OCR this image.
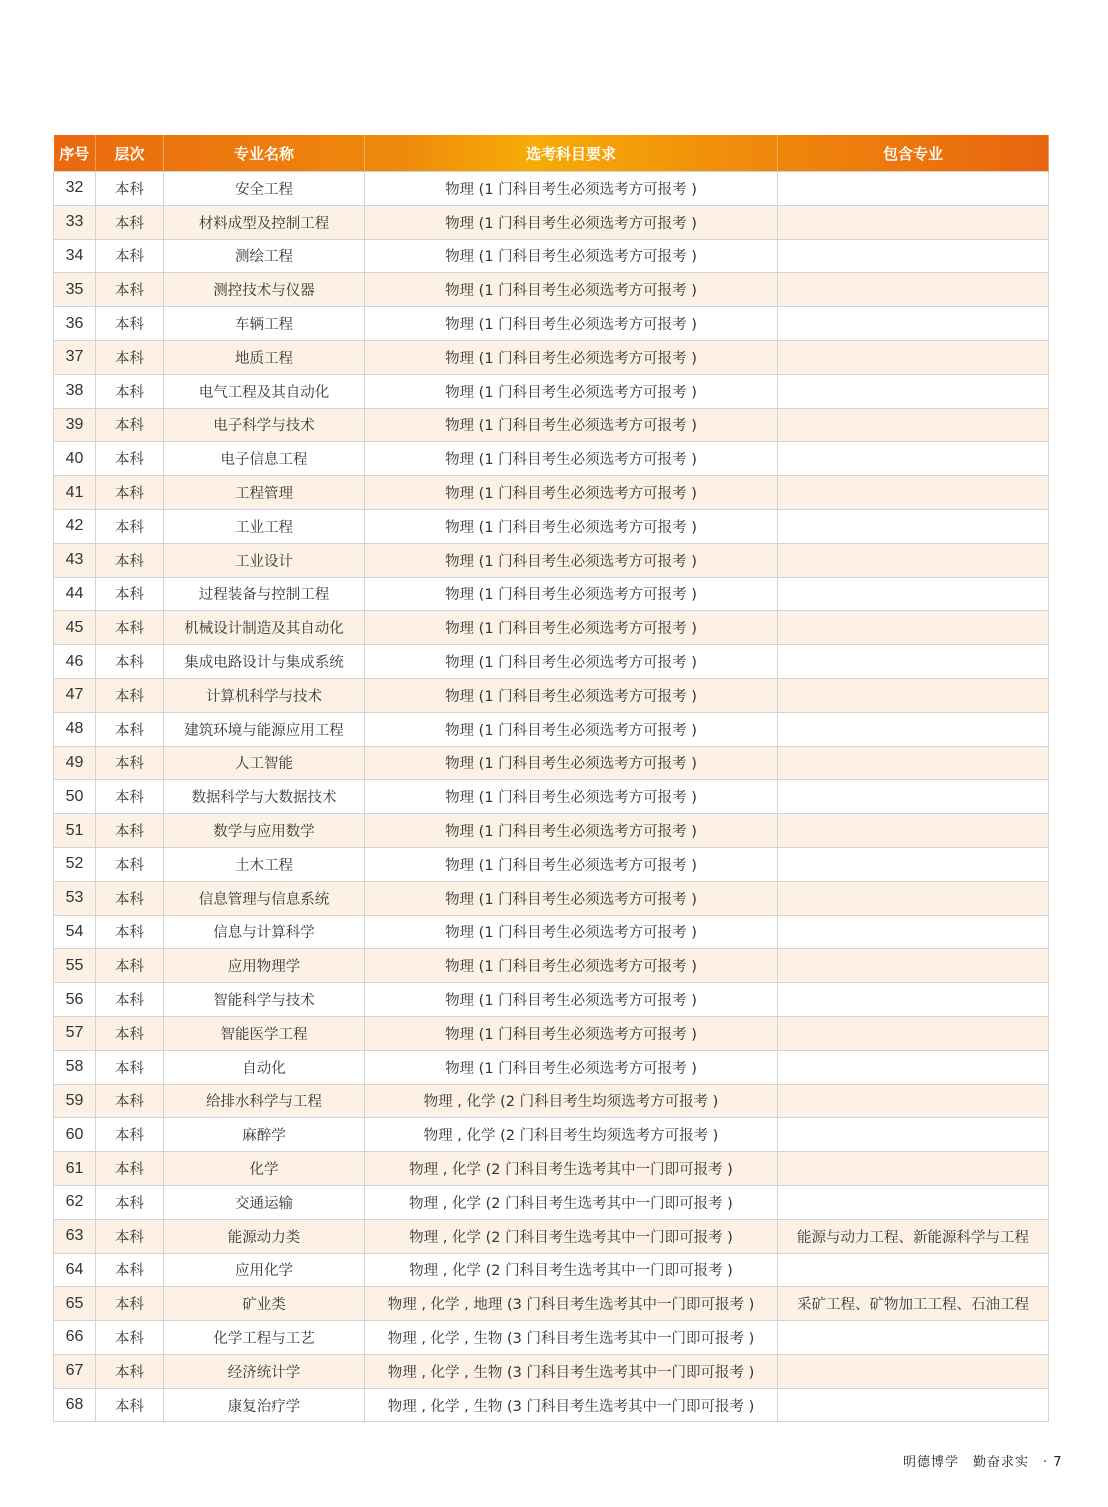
序号	层次	专业名称	选考科目要求	包含专业
32	本科	安全工程	物理 (1 门科目考生必须选考方可报考 )	
33	本科	材料成型及控制工程	物理 (1 门科目考生必须选考方可报考 )	
34	本科	测绘工程	物理 (1 门科目考生必须选考方可报考 )	
35	本科	测控技术与仪器	物理 (1 门科目考生必须选考方可报考 )	
36	本科	车辆工程	物理 (1 门科目考生必须选考方可报考 )	
37	本科	地质工程	物理 (1 门科目考生必须选考方可报考 )	
38	本科	电气工程及其自动化	物理 (1 门科目考生必须选考方可报考 )	
39	本科	电子科学与技术	物理 (1 门科目考生必须选考方可报考 )	
40	本科	电子信息工程	物理 (1 门科目考生必须选考方可报考 )	
41	本科	工程管理	物理 (1 门科目考生必须选考方可报考 )	
42	本科	工业工程	物理 (1 门科目考生必须选考方可报考 )	
43	本科	工业设计	物理 (1 门科目考生必须选考方可报考 )	
44	本科	过程装备与控制工程	物理 (1 门科目考生必须选考方可报考 )	
45	本科	机械设计制造及其自动化	物理 (1 门科目考生必须选考方可报考 )	
46	本科	集成电路设计与集成系统	物理 (1 门科目考生必须选考方可报考 )	
47	本科	计算机科学与技术	物理 (1 门科目考生必须选考方可报考 )	
48	本科	建筑环境与能源应用工程	物理 (1 门科目考生必须选考方可报考 )	
49	本科	人工智能	物理 (1 门科目考生必须选考方可报考 )	
50	本科	数据科学与大数据技术	物理 (1 门科目考生必须选考方可报考 )	
51	本科	数学与应用数学	物理 (1 门科目考生必须选考方可报考 )	
52	本科	土木工程	物理 (1 门科目考生必须选考方可报考 )	
53	本科	信息管理与信息系统	物理 (1 门科目考生必须选考方可报考 )	
54	本科	信息与计算科学	物理 (1 门科目考生必须选考方可报考 )	
55	本科	应用物理学	物理 (1 门科目考生必须选考方可报考 )	
56	本科	智能科学与技术	物理 (1 门科目考生必须选考方可报考 )	
57	本科	智能医学工程	物理 (1 门科目考生必须选考方可报考 )	
58	本科	自动化	物理 (1 门科目考生必须选考方可报考 )	
59	本科	给排水科学与工程	物理 , 化学 (2 门科目考生均须选考方可报考 )	
60	本科	麻醉学	物理 , 化学 (2 门科目考生均须选考方可报考 )	
61	本科	化学	物理 , 化学 (2 门科目考生选考其中一门即可报考 )	
62	本科	交通运输	物理 , 化学 (2 门科目考生选考其中一门即可报考 )	
63	本科	能源动力类	物理 , 化学 (2 门科目考生选考其中一门即可报考 )	能源与动力工程、新能源科学与工程
64	本科	应用化学	物理 , 化学 (2 门科目考生选考其中一门即可报考 )	
65	本科	矿业类	物理 , 化学 , 地理 (3 门科目考生选考其中一门即可报考 )	采矿工程、矿物加工工程、石油工程
66	本科	化学工程与工艺	物理 , 化学 , 生物 (3 门科目考生选考其中一门即可报考 )	
67	本科	经济统计学	物理 , 化学 , 生物 (3 门科目考生选考其中一门即可报考 )	
68	本科	康复治疗学	物理 , 化学 , 生物 (3 门科目考生选考其中一门即可报考 )	
明德博学 勤奋求实 · 7
